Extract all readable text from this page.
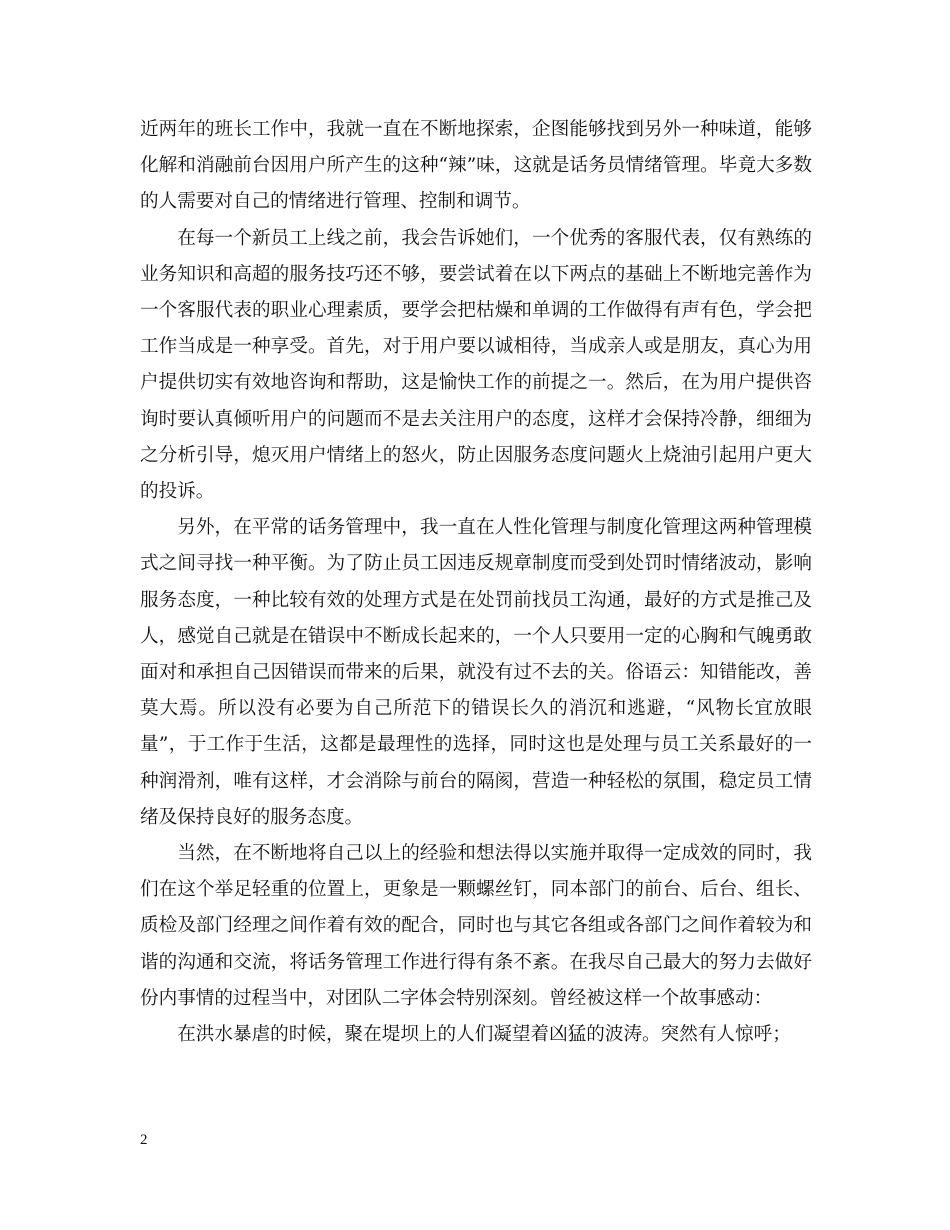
近两年的班长工作中，我就一直在不断地探索，企图能够找到另外一种味道，能够化解和消融前台因用户所产生的这种“辣”味，这就是话务员情绪管理。毕竟大多数的人需要对自己的情绪进行管理、控制和调节。

在每一个新员工上线之前，我会告诉她们，一个优秀的客服代表，仅有熟练的业务知识和高超的服务技巧还不够，要尝试着在以下两点的基础上不断地完善作为一个客服代表的职业心理素质，要学会把枯燥和单调的工作做得有声有色，学会把工作当成是一种享受。首先，对于用户要以诚相待，当成亲人或是朋友，真心为用户提供切实有效地咨询和帮助，这是愉快工作的前提之一。然后，在为用户提供咨询时要认真倾听用户的问题而不是去关注用户的态度，这样才会保持冷静，细细为之分析引导，熄灭用户情绪上的怒火，防止因服务态度问题火上烧油引起用户更大的投诉。

另外，在平常的话务管理中，我一直在人性化管理与制度化管理这两种管理模式之间寻找一种平衡。为了防止员工因违反规章制度而受到处罚时情绪波动，影响服务态度，一种比较有效的处理方式是在处罚前找员工沟通，最好的方式是推己及人，感觉自己就是在错误中不断成长起来的，一个人只要用一定的心胸和气魄勇敢面对和承担自己因错误而带来的后果，就没有过不去的关。俗语云：知错能改，善莫大焉。所以没有必要为自己所范下的错误长久的消沉和逃避，“风物长宜放眼量”，于工作于生活，这都是最理性的选择，同时这也是处理与员工关系最好的一种润滑剂，唯有这样，才会消除与前台的隔阂，营造一种轻松的氛围，稳定员工情绪及保持良好的服务态度。

当然，在不断地将自己以上的经验和想法得以实施并取得一定成效的同时，我们在这个举足轻重的位置上，更象是一颗螺丝钉，同本部门的前台、后台、组长、质检及部门经理之间作着有效的配合，同时也与其它各组或各部门之间作着较为和谐的沟通和交流，将话务管理工作进行得有条不紊。在我尽自己最大的努力去做好份内事情的过程当中，对团队二字体会特别深刻。曾经被这样一个故事感动：

在洪水暴虐的时候，聚在堤坝上的人们凝望着凶猛的波涛。突然有人惊呼；

2
